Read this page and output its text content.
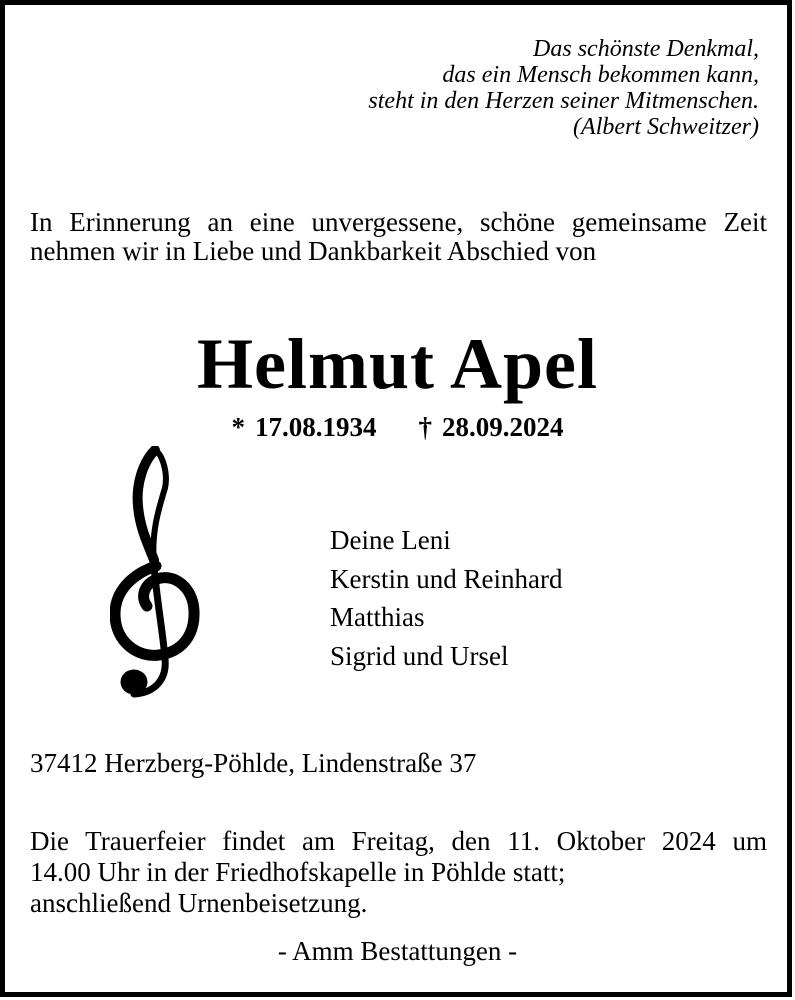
Das schönste Denkmal,
das ein Mensch bekommen kann,
steht in den Herzen seiner Mitmenschen.
(Albert Schweitzer)
In Erinnerung an eine unvergessene, schöne gemeinsame Zeit
nehmen wir in Liebe und Dankbarkeit Abschied von
Helmut Apel
* 17.08.1934 † 28.09.2024
Deine Leni
Kerstin und Reinhard
Matthias
Sigrid und Ursel
37412 Herzberg-Pöhlde, Lindenstraße 37
Die Trauerfeier findet am Freitag, den 11. Oktober 2024 um
14.00 Uhr in der Friedhofskapelle in Pöhlde statt;
anschließend Urnenbeisetzung.
- Amm Bestattungen -
